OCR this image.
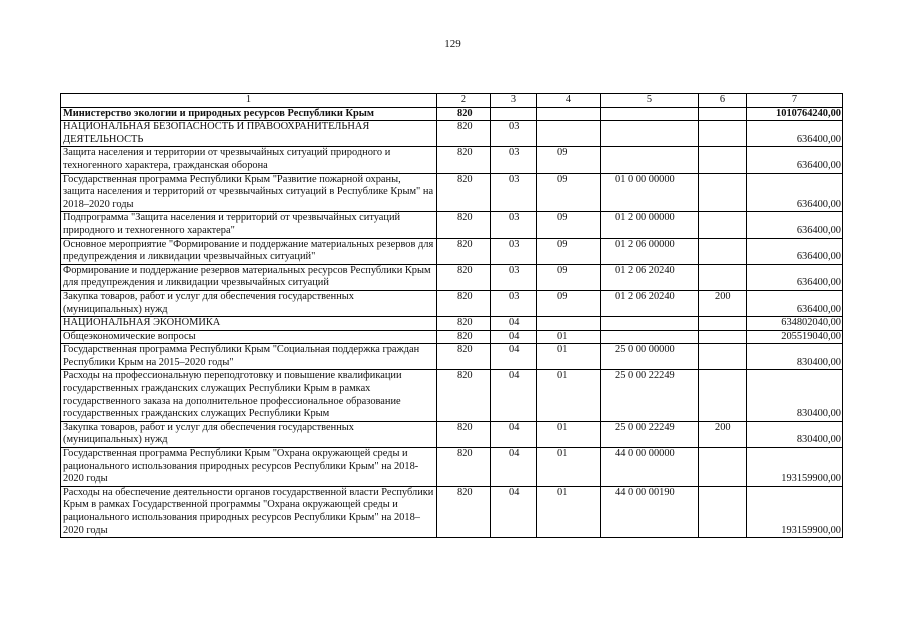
129
1	2	3	4	5	6	7
Министерство экологии и природных ресурсов Республики Крым	820					1010764240,00
НАЦИОНАЛЬНАЯ БЕЗОПАСНОСТЬ И ПРАВООХРАНИТЕЛЬНАЯ ДЕЯТЕЛЬНОСТЬ	820	03				636400,00
Защита населения и территории от чрезвычайных ситуаций природного и техногенного характера, гражданская оборона	820	03	09			636400,00
Государственная программа Республики Крым "Развитие пожарной охраны, защита населения и территорий от чрезвычайных ситуаций в Республике Крым" на 2018–2020 годы	820	03	09	01 0 00 00000		636400,00
Подпрограмма "Защита населения и территорий от чрезвычайных ситуаций природного и техногенного характера"	820	03	09	01 2 00 00000		636400,00
Основное мероприятие "Формирование и поддержание материальных резервов для предупреждения и ликвидации чрезвычайных ситуаций"	820	03	09	01 2 06 00000		636400,00
Формирование и поддержание резервов материальных ресурсов Республики Крым для предупреждения и ликвидации чрезвычайных ситуаций	820	03	09	01 2 06 20240		636400,00
Закупка товаров, работ и услуг для обеспечения государственных (муниципальных) нужд	820	03	09	01 2 06 20240	200	636400,00
НАЦИОНАЛЬНАЯ ЭКОНОМИКА	820	04				634802040,00
Общеэкономические вопросы	820	04	01			205519040,00
Государственная программа Республики Крым "Социальная поддержка граждан Республики Крым на 2015–2020 годы"	820	04	01	25 0 00 00000		830400,00
Расходы на профессиональную переподготовку и повышение квалификации государственных гражданских служащих Республики Крым в рамках государственного заказа на дополнительное профессиональное образование государственных гражданских служащих Республики Крым	820	04	01	25 0 00 22249		830400,00
Закупка товаров, работ и услуг для обеспечения государственных (муниципальных) нужд	820	04	01	25 0 00 22249	200	830400,00
Государственная программа Республики Крым "Охрана окружающей среды и рационального использования природных ресурсов Республики Крым" на 2018-2020 годы	820	04	01	44 0 00 00000		193159900,00
Расходы на обеспечение деятельности органов государственной власти Республики Крым в рамках Государственной программы "Охрана окружающей среды и рационального использования природных ресурсов Республики Крым" на 2018–2020 годы	820	04	01	44 0 00 00190		193159900,00
